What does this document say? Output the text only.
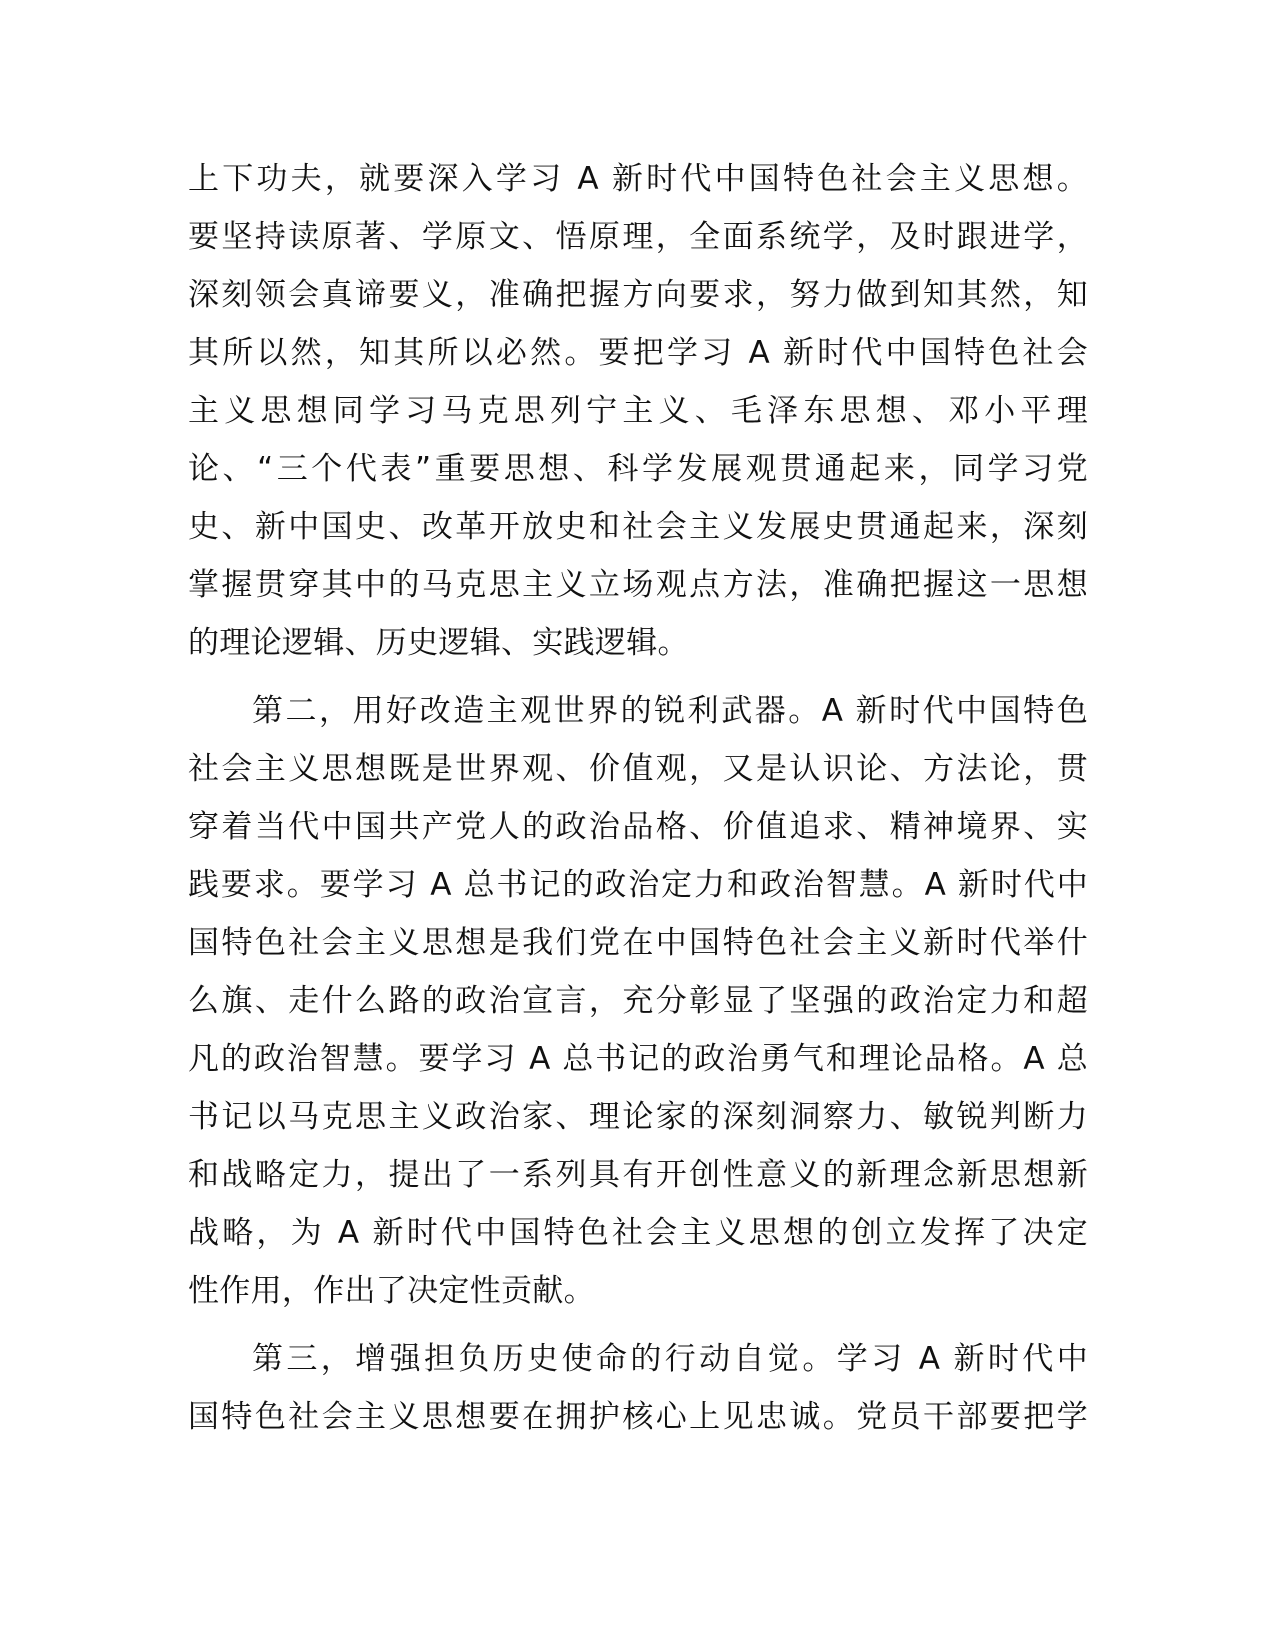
上下功夫，就要深入学习 A 新时代中国特色社会主义思想。
要坚持读原著、学原文、悟原理，全面系统学，及时跟进学，
深刻领会真谛要义，准确把握方向要求，努力做到知其然，知
其所以然，知其所以必然。要把学习 A 新时代中国特色社会
主义思想同学习马克思列宁主义、毛泽东思想、邓小平理
论、“三个代表”重要思想、科学发展观贯通起来，同学习党
史、新中国史、改革开放史和社会主义发展史贯通起来，深刻
掌握贯穿其中的马克思主义立场观点方法，准确把握这一思想
的理论逻辑、历史逻辑、实践逻辑。
第二，用好改造主观世界的锐利武器。A 新时代中国特色
社会主义思想既是世界观、价值观，又是认识论、方法论，贯
穿着当代中国共产党人的政治品格、价值追求、精神境界、实
践要求。要学习 A 总书记的政治定力和政治智慧。A 新时代中
国特色社会主义思想是我们党在中国特色社会主义新时代举什
么旗、走什么路的政治宣言，充分彰显了坚强的政治定力和超
凡的政治智慧。要学习 A 总书记的政治勇气和理论品格。A 总
书记以马克思主义政治家、理论家的深刻洞察力、敏锐判断力
和战略定力，提出了一系列具有开创性意义的新理念新思想新
战略，为 A 新时代中国特色社会主义思想的创立发挥了决定
性作用，作出了决定性贡献。
第三，增强担负历史使命的行动自觉。学习 A 新时代中
国特色社会主义思想要在拥护核心上见忠诚。党员干部要把学
